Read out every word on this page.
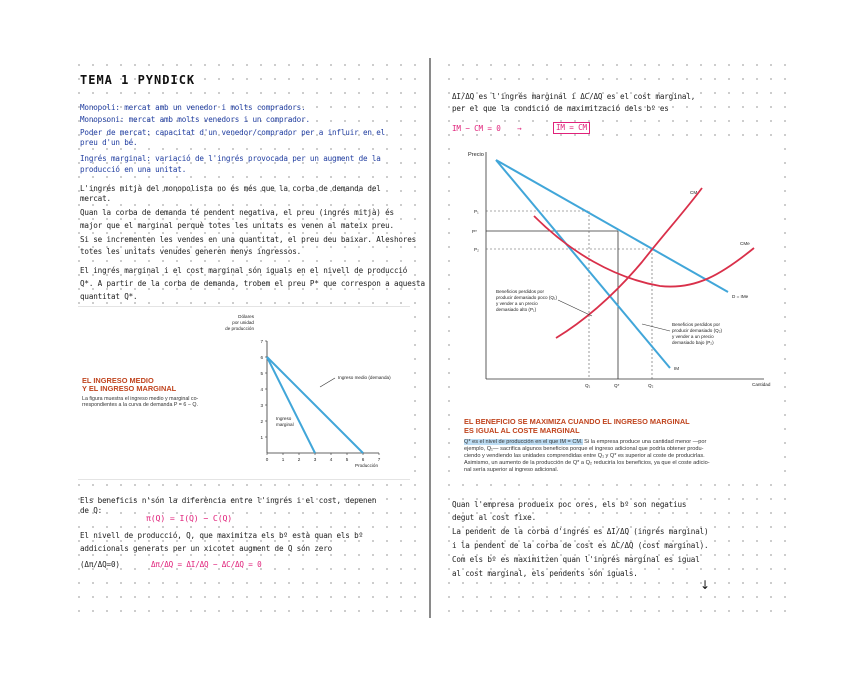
TEMA 1 PYNDICK
Monopoli: mercat amb un venedor i molts compradors.
Monopsoni: mercat amb molts venedors i un comprador.
Poder de mercat: capacitat d'un venedor/comprador per a influir en el
preu d'un bé.
Ingrés marginal: variació de l'ingrés provocada per un augment de la
producció en una unitat.
L'ingrés mitjà del monopolista no és més que la corba de demanda del
mercat.
Quan la corba de demanda té pendent negativa, el preu (ingrés mitjà) és
major que el marginal perquè totes les unitats es venen al mateix preu.
Si se incrementen les vendes en una quantitat, el preu deu baixar. Aleshores
totes les unitats venudes generen menys ingressos.
El ingrés marginal i el cost marginal són iguals en el nivell de producció
Q*. A partir de la corba de demanda, trobem el preu P* que correspon a aquesta
quantitat Q*.
EL INGRESO MEDIO
Y EL INGRESO MARGINAL
La figura muestra el ingreso medio y marginal co-
rrespondientes a la curva de demanda P = 6 − Q.
Dólares
por unidad
de producción
0	1	2	3	4	5	6	7
1
2
3
4
5
6
7
Ingreso medio (demanda)
Ingreso
marginal
Producción
Els beneficis n'són la diferència entre l'ingrés i el cost, depenen
de Q:
π(Q) = I(Q) − C(Q)
El nivell de producció, Q, que maximitza els bº està quan els bº
addicionals generats per un xicotet augment de Q són zero
(Δπ/ΔQ=0)	Δπ/ΔQ = ΔI/ΔQ − ΔC/ΔQ = 0
ΔI/ΔQ es l'ingrés marginal i ΔC/ΔQ es el cost marginal,
per el que la condició de maximització dels bº es
IM − CM = 0 →	IM = CM
Precio
Cantidad
P₁
P*
P₂
Q₁	Q*	Q₂
CM
CMe
D = IMe
IM
Beneficios perdidos por
producir demasiado poco (Q₁)
y vender a un precio
demasiado alto (P₁)
Beneficios perdidos por
producir demasiado (Q₂)
y vender a un precio
demasiado bajo (P₂)
EL BENEFICIO SE MAXIMIZA CUANDO EL INGRESO MARGINAL
ES IGUAL AL COSTE MARGINAL
Q* es el nivel de producción en el que IM = CM. Si la empresa produce una cantidad menor —por
ejemplo, Q₁— sacrifica algunos beneficios porque el ingreso adicional que podría obtener produ-
ciendo y vendiendo las unidades comprendidas entre Q₁ y Q* es superior al coste de producirlas.
Asimismo, un aumento de la producción de Q* a Q₂ reduciría los beneficios, ya que el coste adicio-
nal sería superior al ingreso adicional.
Quan l'empresa produeix poc ores, els bº son negatius
degut al cost fixe.
La pendent de la corba d'ingrés es ΔI/ΔQ (ingrés marginal)
i la pendent de la corba de cost es ΔC/ΔQ (cost marginal).
Com els bº es maximitzen quan l'ingrés marginal es igual
al cost marginal, els pendents són iguals.
↓
